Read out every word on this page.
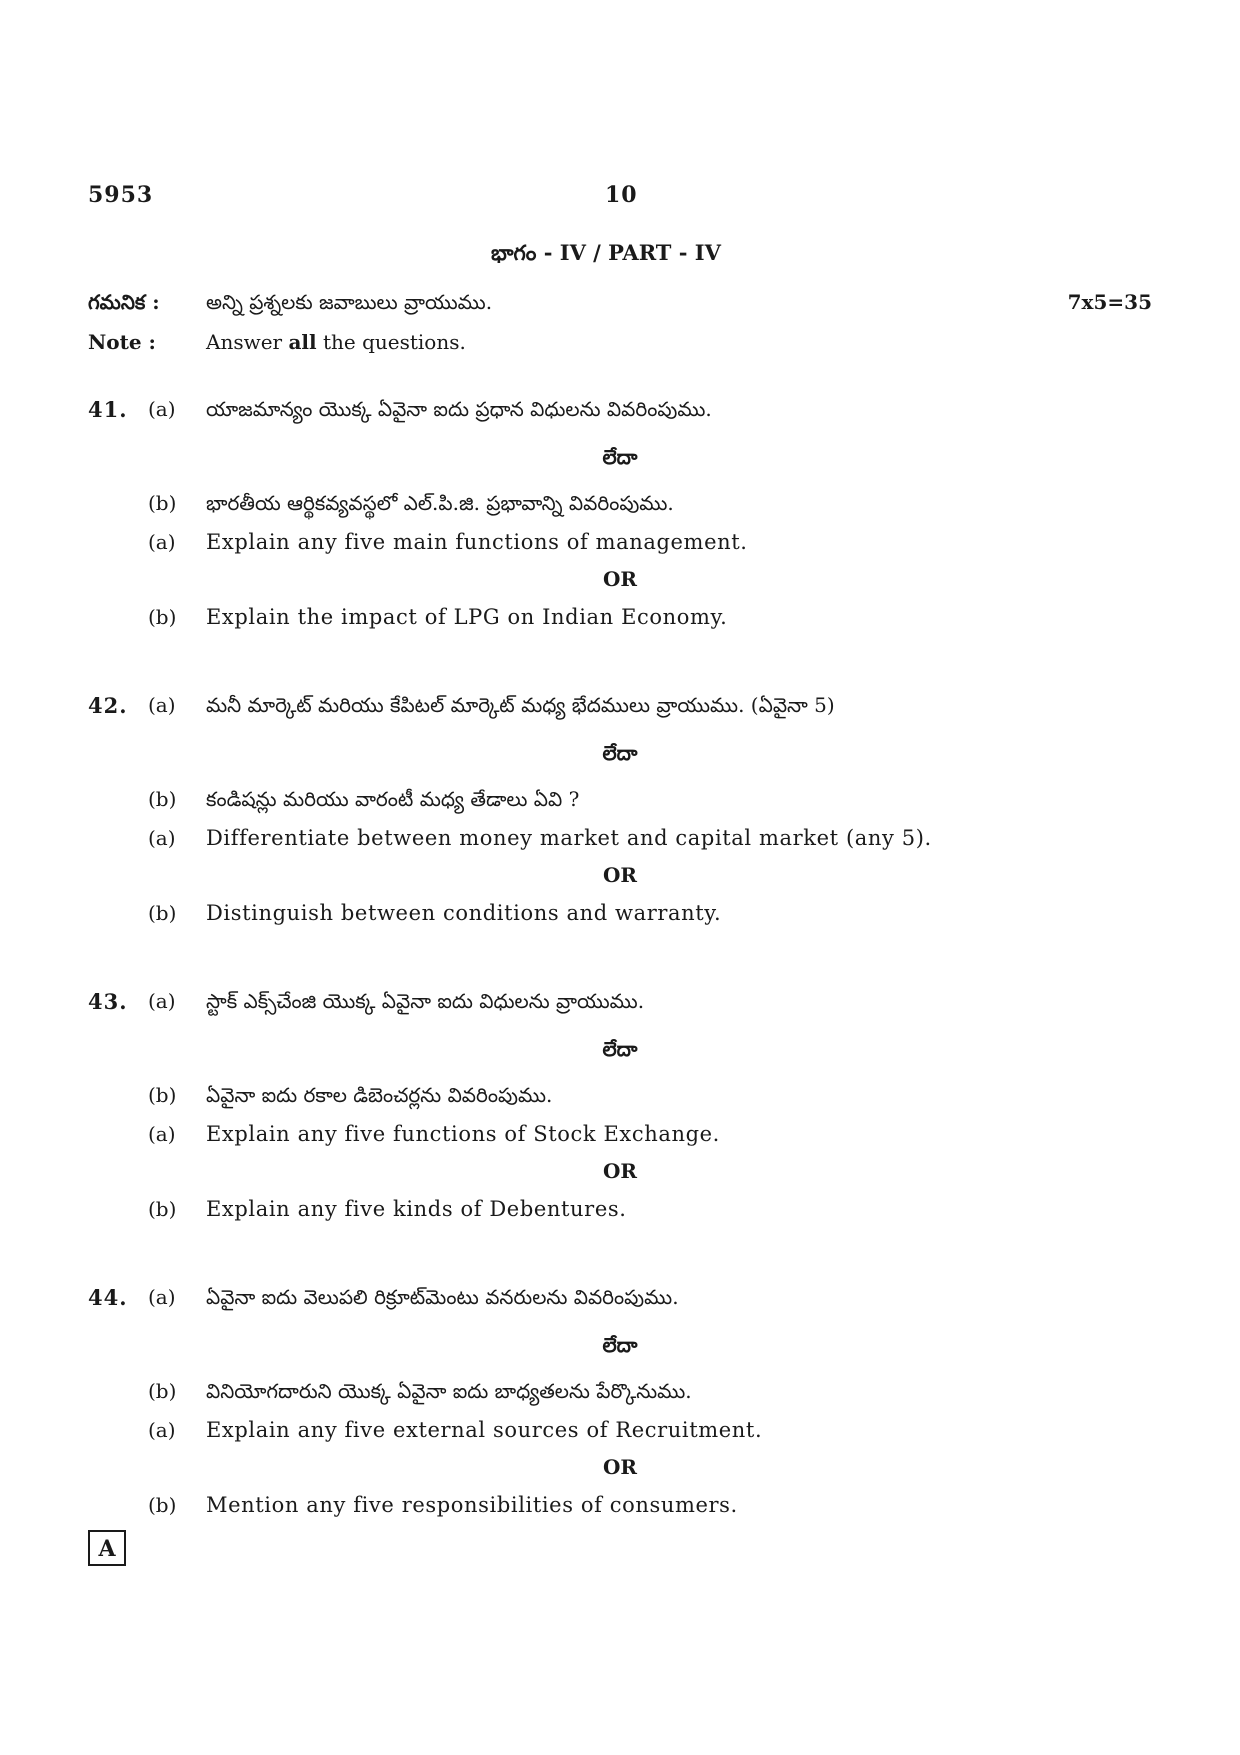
5953	10
భాగం - IV / PART - IV
గమనిక : అన్ని ప్రశ్నలకు జవాబులు వ్రాయుము.	7x5=35
Note :	Answer all the questions.
41. (a) యాజమాన్యం యొక్క ఏవైనా ఐదు ప్రధాన విధులను వివరింపుము.
లేదా
(b) భారతీయ ఆర్థికవ్యవస్థలో ఎల్.పి.జి. ప్రభావాన్ని వివరింపుము.
(a) Explain any five main functions of management.
OR
(b) Explain the impact of LPG on Indian Economy.
42. (a) మనీ మార్కెట్ మరియు కేపిటల్ మార్కెట్ మధ్య భేదములు వ్రాయుము. (ఏవైనా 5)
లేదా
(b) కండిషన్లు మరియు వారంటీ మధ్య తేడాలు ఏవి ?
(a) Differentiate between money market and capital market (any 5).
OR
(b) Distinguish between conditions and warranty.
43. (a) స్టాక్ ఎక్స్‌చేంజి యొక్క ఏవైనా ఐదు విధులను వ్రాయుము.
లేదా
(b) ఏవైనా ఐదు రకాల డిబెంచర్లను వివరింపుము.
(a) Explain any five functions of Stock Exchange.
OR
(b) Explain any five kinds of Debentures.
44. (a) ఏవైనా ఐదు వెలుపలి రిక్రూట్‌మెంటు వనరులను వివరింపుము.
లేదా
(b) వినియోగదారుని యొక్క ఏవైనా ఐదు బాధ్యతలను పేర్కొనుము.
(a) Explain any five external sources of Recruitment.
OR
(b) Mention any five responsibilities of consumers.
A
